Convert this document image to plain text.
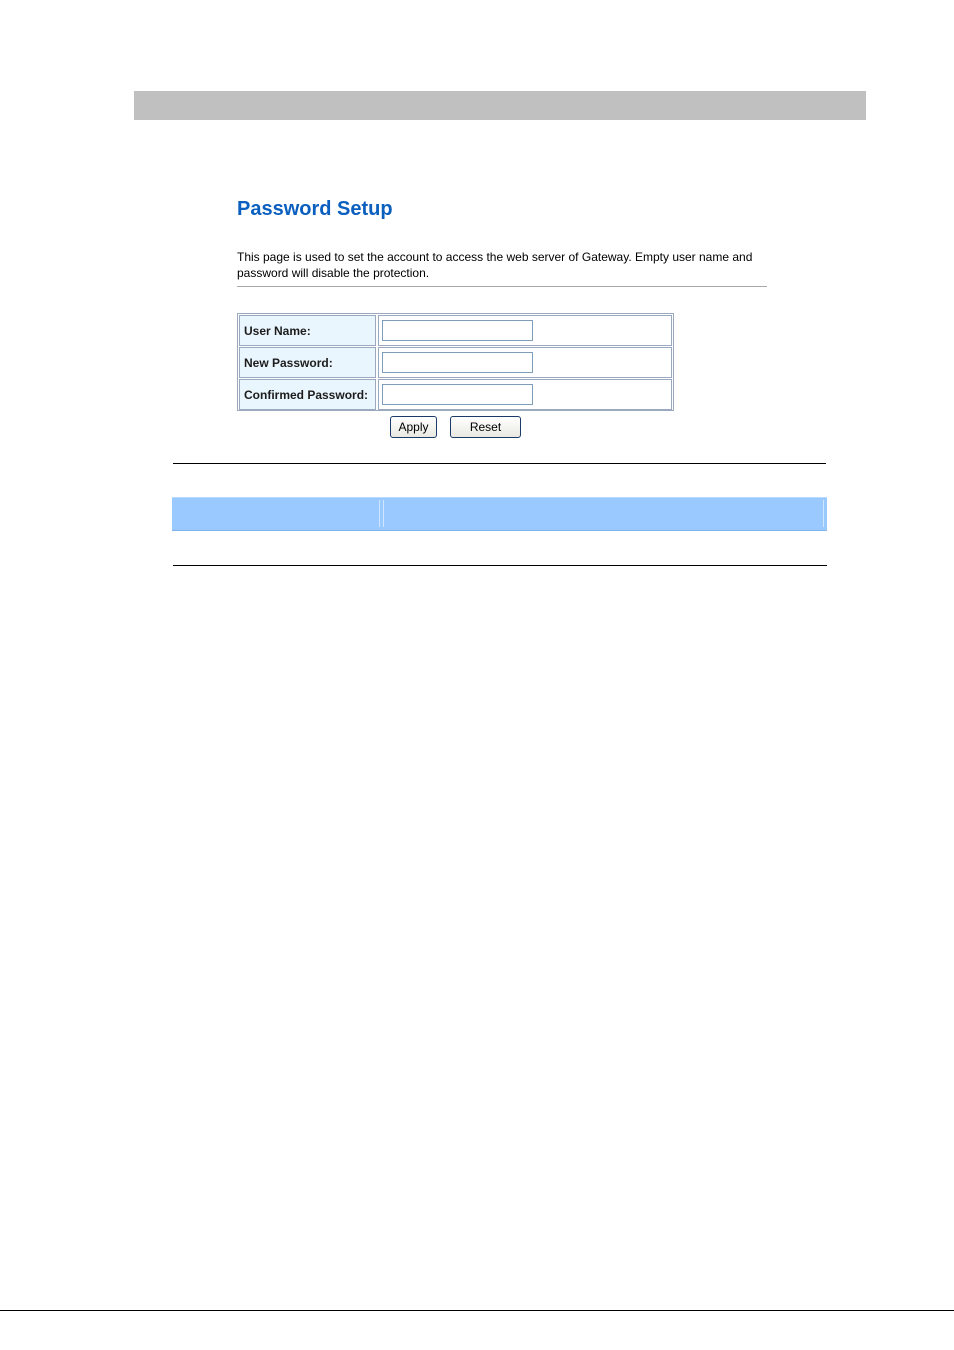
Password Setup

This page is used to set the account to access the web server of Gateway. Empty user name and password will disable the protection.

User Name:
New Password:
Confirmed Password:
Apply	Reset
